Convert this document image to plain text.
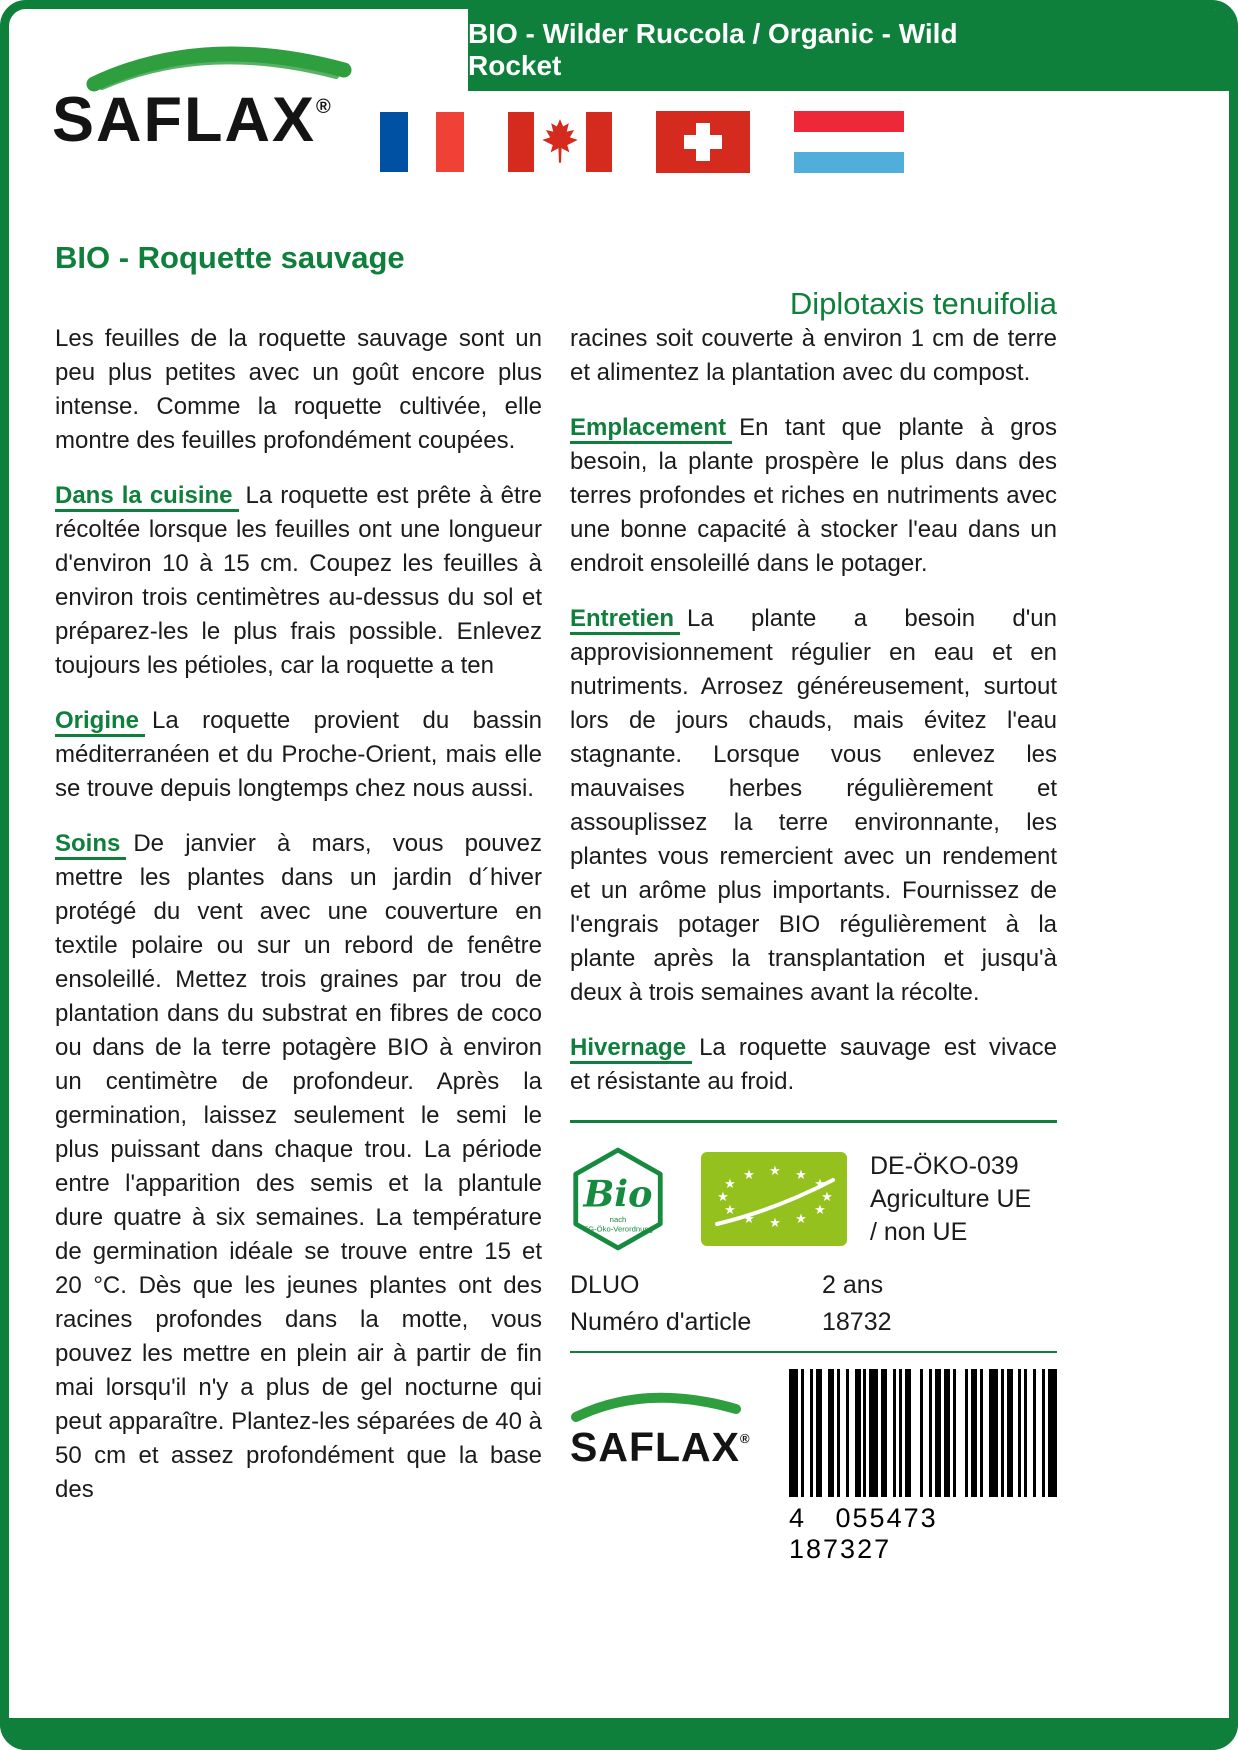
BIO - Wilder Ruccola / Organic - Wild Rocket
SAFLAX®
BIO - Roquette sauvage
Diplotaxis tenuifolia

Les feuilles de la roquette sauvage sont un peu plus petites avec un goût encore plus intense. Comme la roquette cultivée, elle montre des feuilles profondément coupées.

Dans la cuisine La roquette est prête à être récoltée lorsque les feuilles ont une longueur d'environ 10 à 15 cm. Coupez les feuilles à environ trois centimètres au-dessus du sol et préparez-les le plus frais possible. Enlevez toujours les pétioles, car la roquette a ten

Origine La roquette provient du bassin méditerranéen et du Proche-Orient, mais elle se trouve depuis longtemps chez nous aussi.

Soins De janvier à mars, vous pouvez mettre les plantes dans un jardin d´hiver protégé du vent avec une couverture en textile polaire ou sur un rebord de fenêtre ensoleillé. Mettez trois graines par trou de plantation dans du substrat en fibres de coco ou dans de la terre potagère BIO à environ un centimètre de profondeur. Après la germination, laissez seulement le semi le plus puissant dans chaque trou. La période entre l'apparition des semis et la plantule dure quatre à six semaines. La température de germination idéale se trouve entre 15 et 20 °C. Dès que les jeunes plantes ont des racines profondes dans la motte, vous pouvez les mettre en plein air à partir de fin mai lorsqu'il n'y a plus de gel nocturne qui peut apparaître. Plantez-les séparées de 40 à 50 cm et assez profondément que la base des

racines soit couverte à environ 1 cm de terre et alimentez la plantation avec du compost.

Emplacement En tant que plante à gros besoin, la plante prospère le plus dans des terres profondes et riches en nutriments avec une bonne capacité à stocker l'eau dans un endroit ensoleillé dans le potager.

Entretien La plante a besoin d'un approvisionnement régulier en eau et en nutriments. Arrosez généreusement, surtout lors de jours chauds, mais évitez l'eau stagnante. Lorsque vous enlevez les mauvaises herbes régulièrement et assouplissez la terre environnante, les plantes vous remercient avec un rendement et un arôme plus importants. Fournissez de l'engrais potager BIO régulièrement à la plante après la transplantation et jusqu'à deux à trois semaines avant la récolte.

Hivernage La roquette sauvage est vivace et résistante au froid.

Bio
nach
EG-Öko-Verordnung
★
★
★
★
★
★
★
★
★ ★ ★
★
DE-ÖKO-039
Agriculture UE
/ non UE
DLUO	2 ans
Numéro d'article	18732
SAFLAX®
4 055473 187327
